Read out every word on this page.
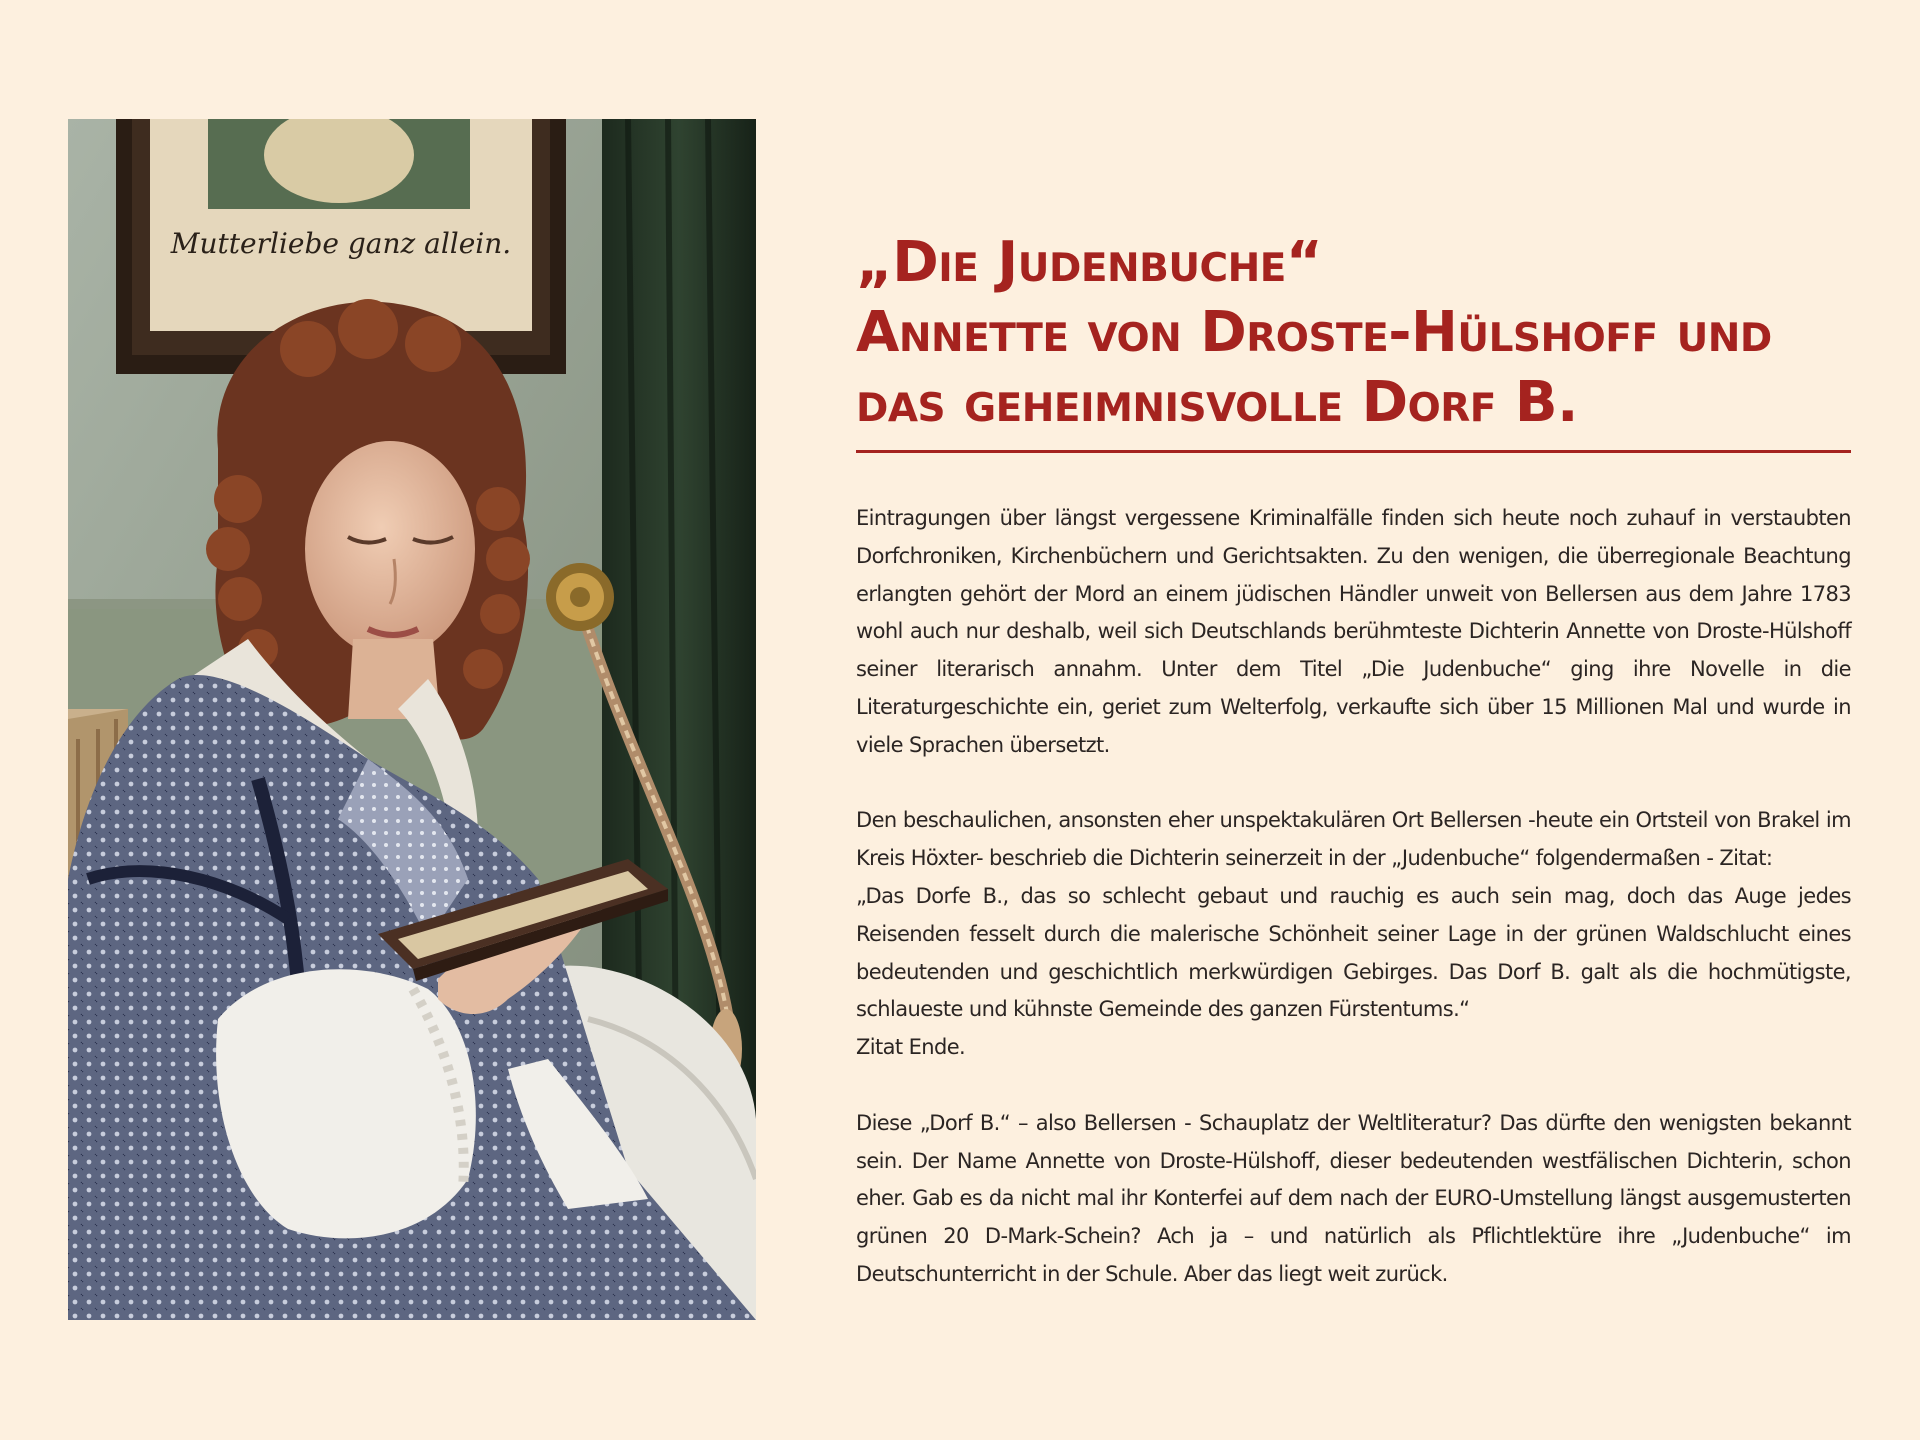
Mutterliebe ganz allein.	„Die Judenbuche“
Annette von Droste-Hülshoff und
das geheimnisvolle Dorf B.

Eintragungen über längst vergessene Kriminalfälle finden sich heute noch zuhauf in verstaubten Dorfchroniken, Kirchenbüchern und Gerichtsakten. Zu den wenigen, die überregionale Beachtung erlangten gehört der Mord an einem jüdischen Händler unweit von Bellersen aus dem Jahre 1783 wohl auch nur deshalb, weil sich Deutschlands berühmteste Dichterin Annette von Droste-Hülshoff seiner literarisch annahm. Unter dem Titel „Die Judenbuche“ ging ihre Novelle in die Literaturgeschichte ein, geriet zum Welterfolg, verkaufte sich über 15 Millionen Mal und wurde in viele Sprachen übersetzt.

Den beschaulichen, ansonsten eher unspektakulären Ort Bellersen -heute ein Ortsteil von Brakel im Kreis Höxter- beschrieb die Dichterin seinerzeit in der „Judenbuche“ folgendermaßen - Zitat:

„Das Dorfe B., das so schlecht gebaut und rauchig es auch sein mag, doch das Auge jedes Reisenden fesselt durch die malerische Schönheit seiner Lage in der grünen Waldschlucht eines bedeutenden und geschichtlich merkwürdigen Gebirges. Das Dorf B. galt als die hochmütigste, schlaueste und kühnste Gemeinde des ganzen Fürstentums.“

Zitat Ende.

Diese „Dorf B.“ – also Bellersen - Schauplatz der Weltliteratur? Das dürfte den wenigsten bekannt sein. Der Name Annette von Droste-Hülshoff, dieser bedeutenden westfälischen Dichterin, schon eher. Gab es da nicht mal ihr Konterfei auf dem nach der EURO-Umstellung längst ausgemusterten grünen 20 D-Mark-Schein? Ach ja – und natürlich als Pflichtlektüre ihre „Judenbuche“ im Deutschunterricht in der Schule. Aber das liegt weit zurück.
